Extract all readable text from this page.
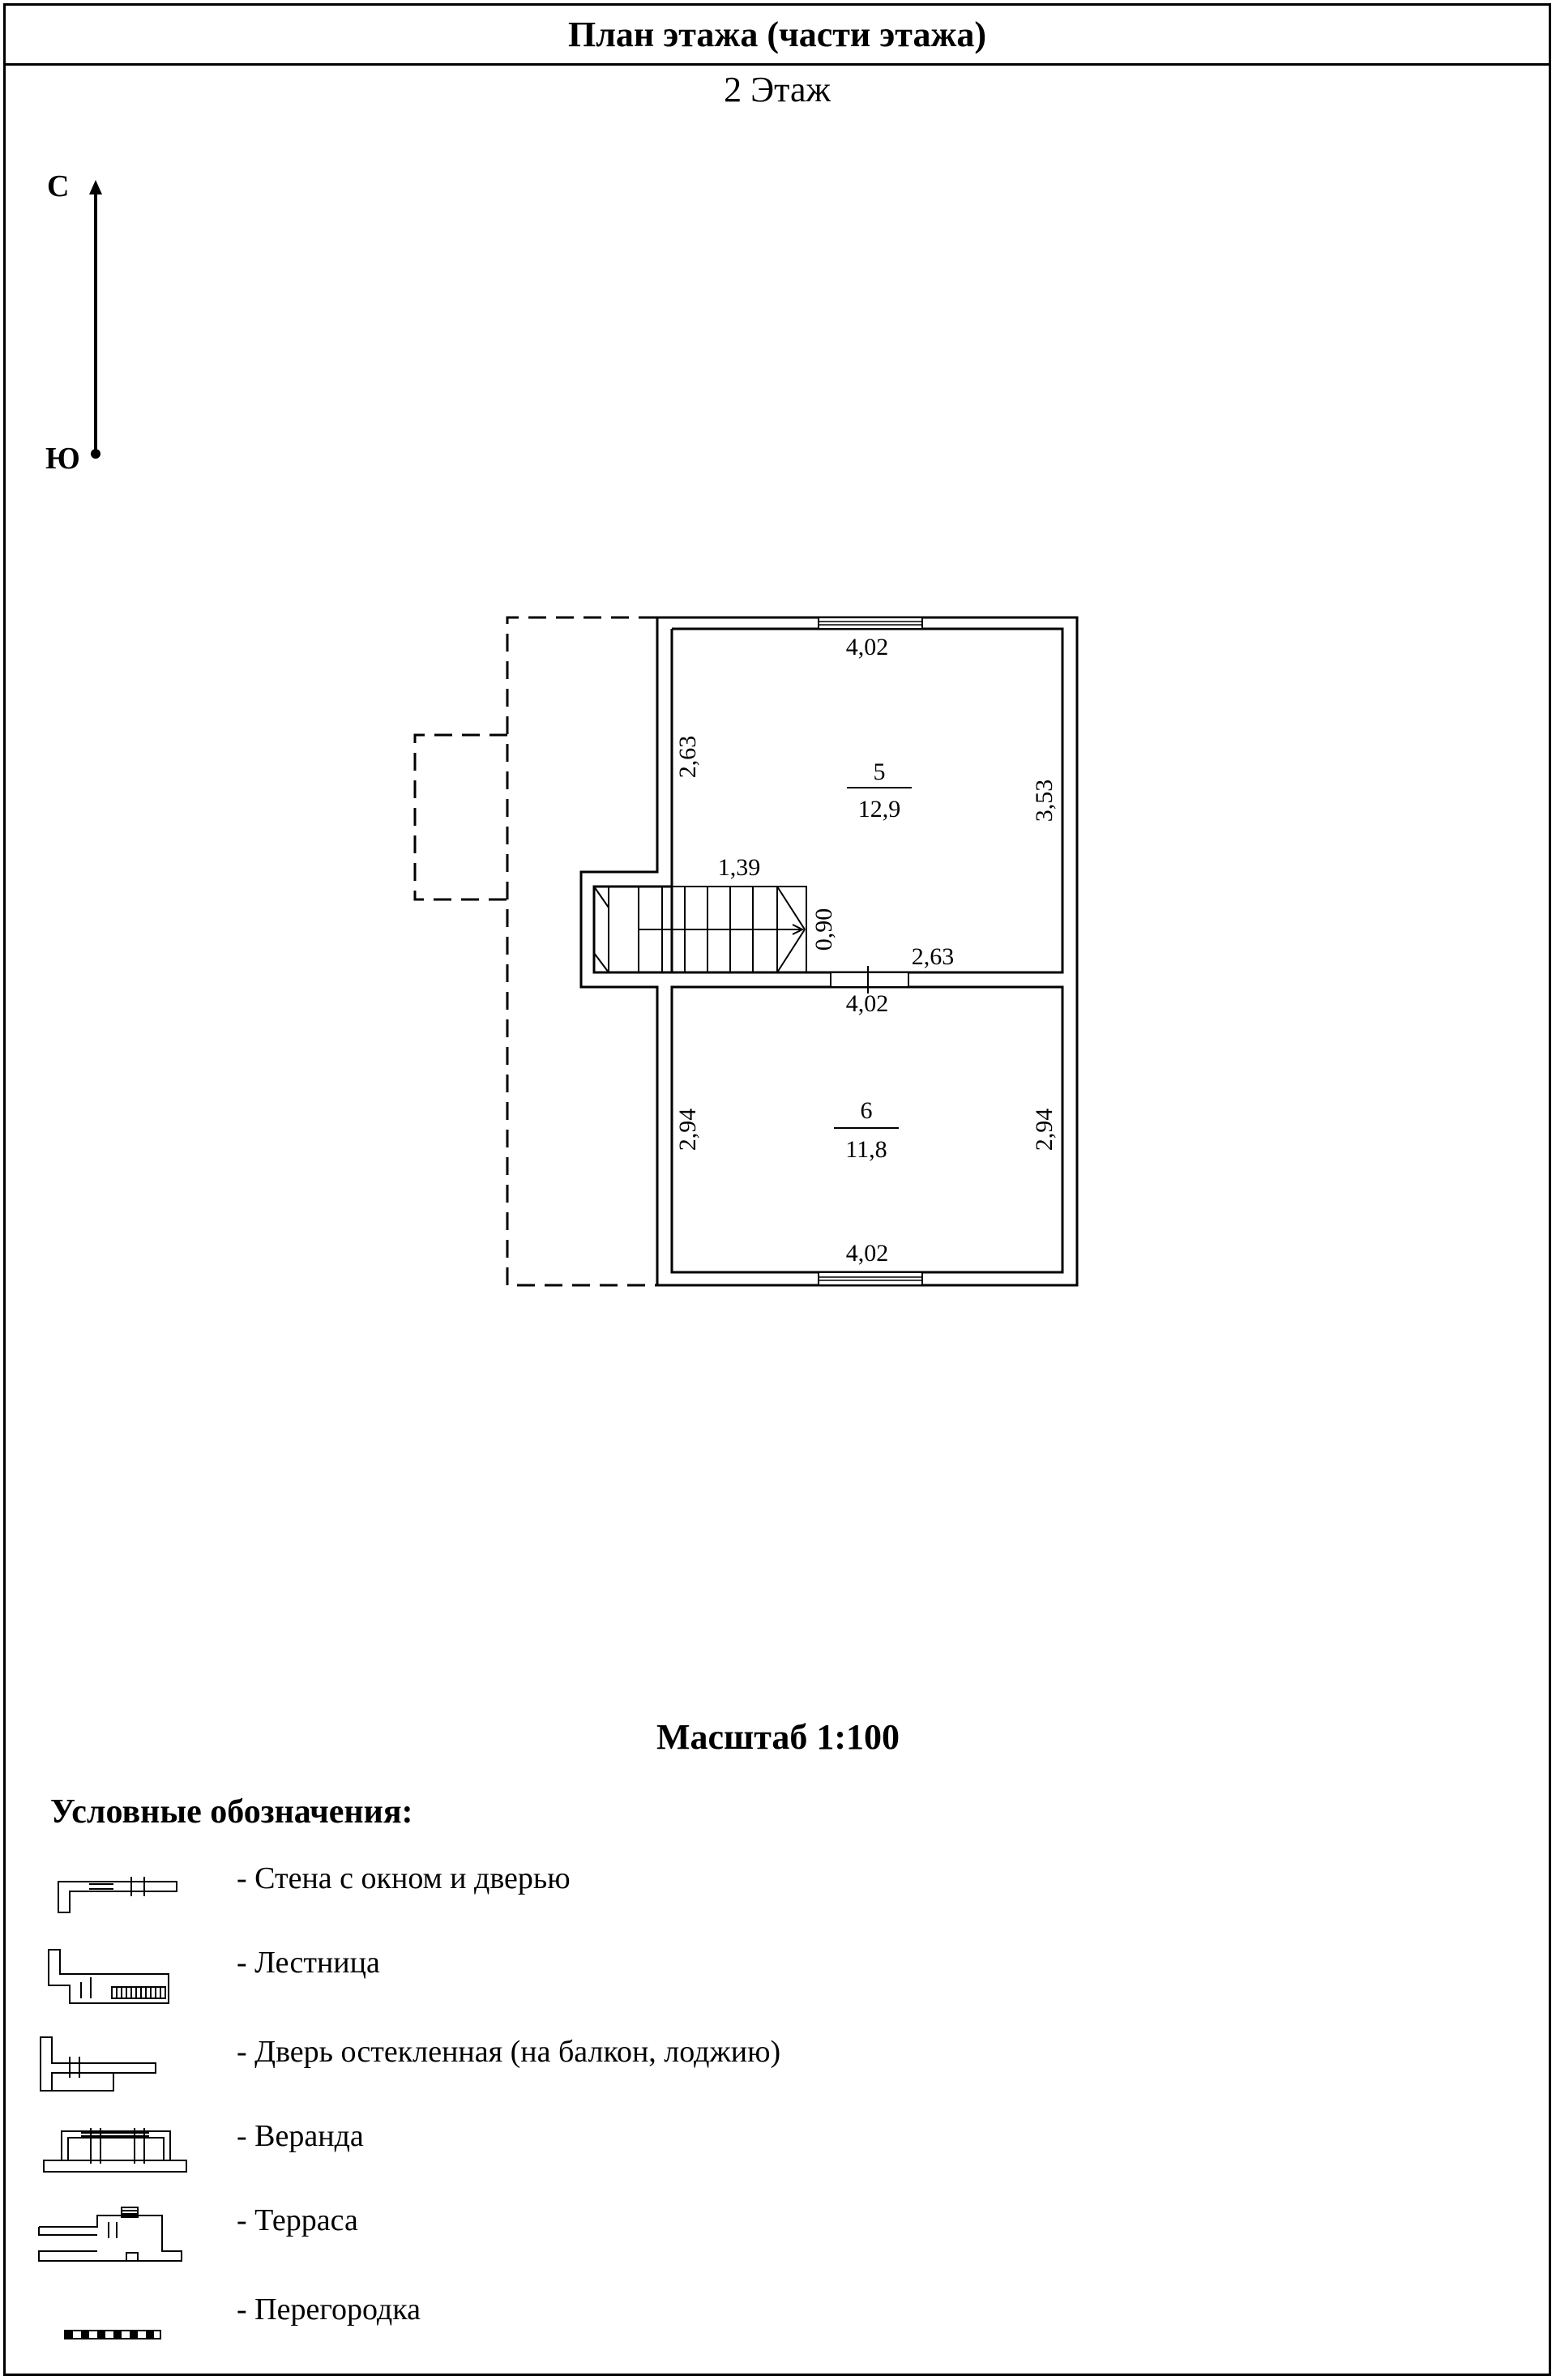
План этажа (части этажа)
2 Этаж
С
Ю
5
12,9
6
11,8
4,02
2,63
3,53
1,39
0,90
2,63
4,02
2,94	2,94
4,02
Масштаб 1:100
Условные обозначения:
- Стена с окном и дверью
- Лестница
- Дверь остекленная (на балкон, лоджию)
- Веранда
- Терраса
- Перегородка
